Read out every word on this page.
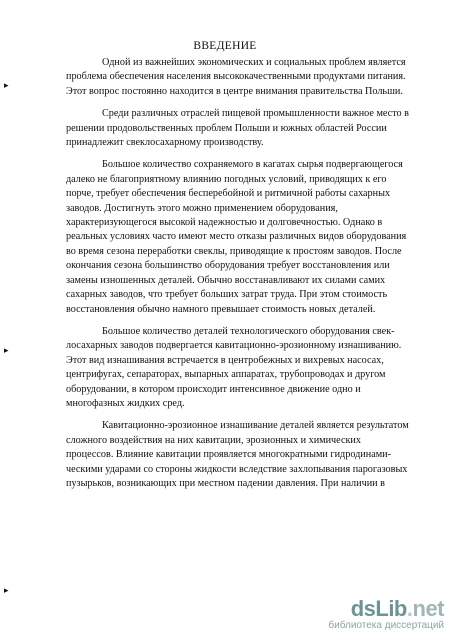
ВВЕДЕНИЕ
▸
▸
▸
Одной из важнейших экономических и социальных проблем является
проблема обеспечения населения высококачественными продуктами питания.
Этот вопрос постоянно находится в центре внимания правительства Польши.
Среди различных отраслей пищевой промышленности важное место в
решении продовольственных проблем Польши и южных областей России
принадлежит свеклосахарному производству.
Большое количество сохраняемого в кагатах сырья подвергающегося
далеко не благоприятному влиянию погодных условий, приводящих к его
порче, требует обеспечения бесперебойной и ритмичной работы сахарных
заводов. Достигнуть этого можно применением оборудования,
характеризующегося высокой надежностью и долговечностью. Однако в
реальных условиях часто имеют место отказы различных видов оборудования
во время сезона переработки свеклы, приводящие к простоям заводов. После
окончания сезона большинство оборудования требует восстановления или
замены изношенных деталей. Обычно восстанавливают их силами самих
сахарных заводов, что требует больших затрат труда. При этом стоимость
восстановления обычно намного превышает стоимость новых деталей.
Большое количество деталей технологического оборудования свек-
лосахарных заводов подвергается кавитационно-эрозионному изнашиванию.
Этот вид изнашивания встречается в центробежных и вихревых насосах,
центрифугах, сепараторах, выпарных аппаратах, трубопроводах и другом
оборудовании, в котором происходит интенсивное движение одно и
многофазных жидких сред.
Кавитационно-эрозионное изнашивание деталей является результатом
сложного воздействия на них кавитации, эрозионных и химических
процессов. Влияние кавитации проявляется многократными гидродинами-
ческими ударами со стороны жидкости вследствие захлопывания парогазовых
пузырьков, возникающих при местном падении давления. При наличии в
dsLib.net
библиотека диссертаций
